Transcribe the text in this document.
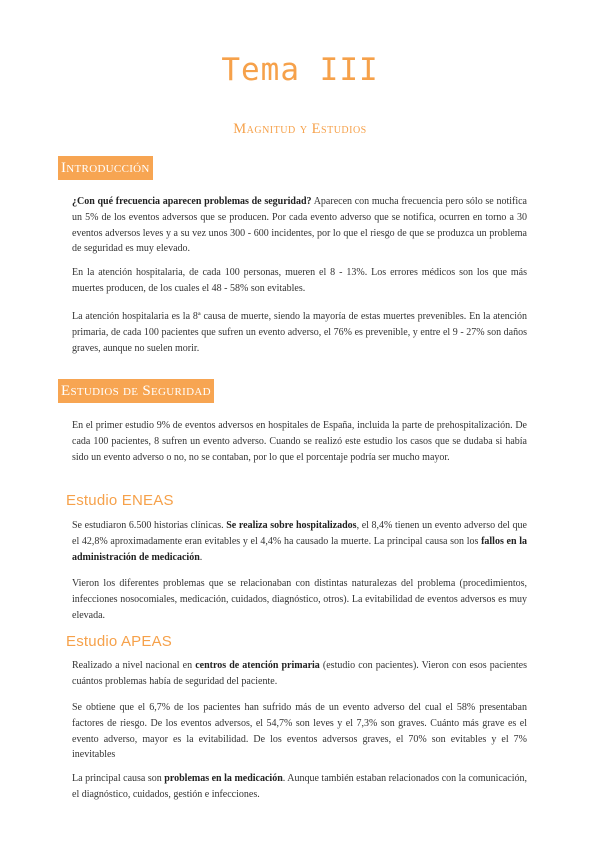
Tema III
Magnitud y Estudios
Introducción

¿Con qué frecuencia aparecen problemas de seguridad? Aparecen con mucha frecuencia pero sólo se notifica un 5% de los eventos adversos que se producen. Por cada evento adverso que se notifica, ocurren en torno a 30 eventos adversos leves y a su vez unos 300 - 600 incidentes, por lo que el riesgo de que se produzca un problema de seguridad es muy elevado.

En la atención hospitalaria, de cada 100 personas, mueren el 8 - 13%. Los errores médicos son los que más muertes producen, de los cuales el 48 - 58% son evitables.

La atención hospitalaria es la 8ª causa de muerte, siendo la mayoría de estas muertes prevenibles. En la atención primaria, de cada 100 pacientes que sufren un evento adverso, el 76% es prevenible, y entre el 9 - 27% son daños graves, aunque no suelen morir.

Estudios de Seguridad

En el primer estudio 9% de eventos adversos en hospitales de España, incluida la parte de prehospitalización. De cada 100 pacientes, 8 sufren un evento adverso. Cuando se realizó este estudio los casos que se dudaba si había sido un evento adverso o no, no se contaban, por lo que el porcentaje podría ser mucho mayor.

Estudio ENEAS

Se estudiaron 6.500 historias clínicas. Se realiza sobre hospitalizados, el 8,4% tienen un evento adverso del que el 42,8% aproximadamente eran evitables y el 4,4% ha causado la muerte. La principal causa son los fallos en la administración de medicación.

Vieron los diferentes problemas que se relacionaban con distintas naturalezas del problema (procedimientos, infecciones nosocomiales, medicación, cuidados, diagnóstico, otros). La evitabilidad de eventos adversos es muy elevada.

Estudio APEAS

Realizado a nivel nacional en centros de atención primaria (estudio con pacientes). Vieron con esos pacientes cuántos problemas había de seguridad del paciente.

Se obtiene que el 6,7% de los pacientes han sufrido más de un evento adverso del cual el 58% presentaban factores de riesgo. De los eventos adversos, el 54,7% son leves y el 7,3% son graves. Cuánto más grave es el evento adverso, mayor es la evitabilidad. De los eventos adversos graves, el 70% son evitables y el 7% inevitables

La principal causa son problemas en la medicación. Aunque también estaban relacionados con la comunicación, el diagnóstico, cuidados, gestión e infecciones.
